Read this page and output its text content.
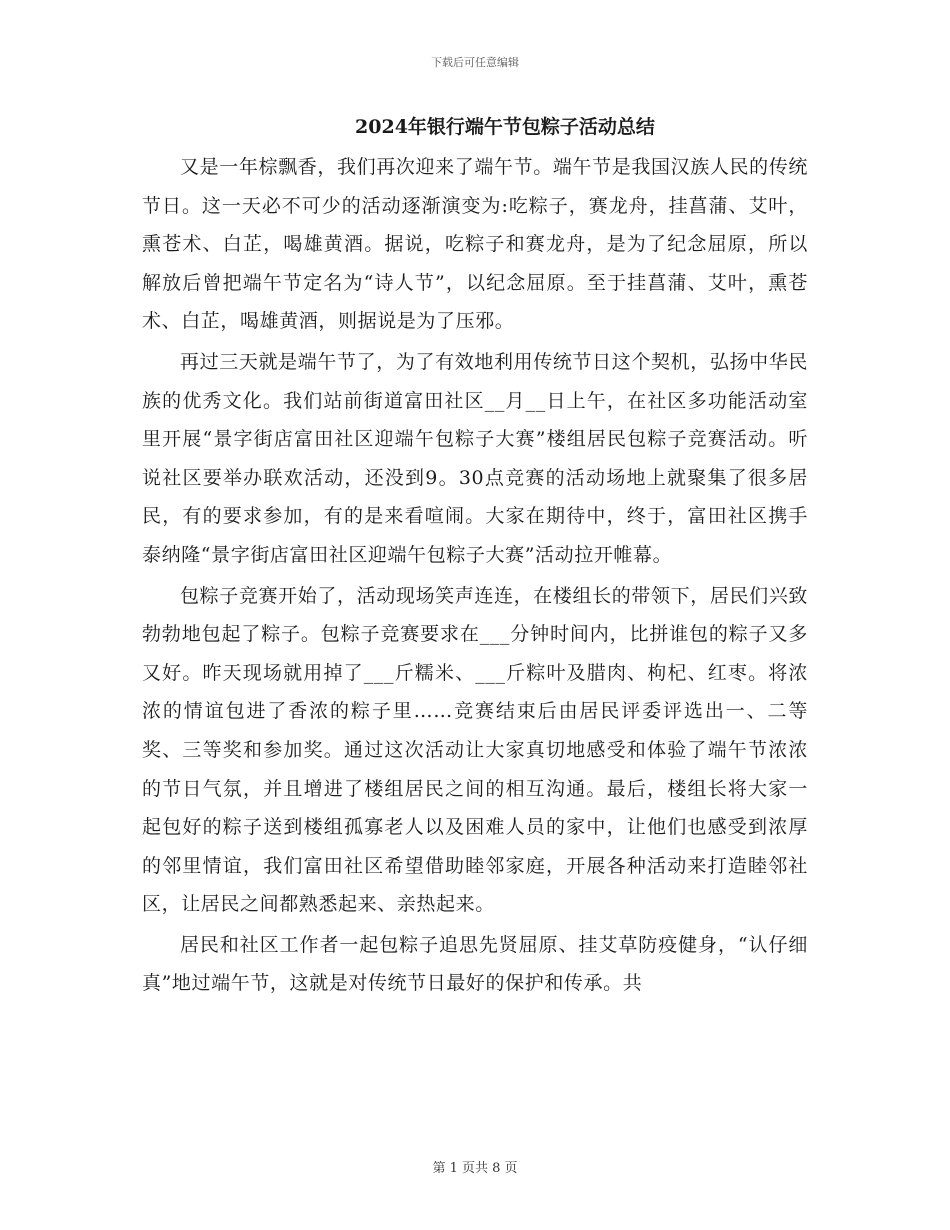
下载后可任意编辑
2024年银行端午节包粽子活动总结

又是一年棕飘香，我们再次迎来了端午节。端午节是我国汉族人民的传统节日。这一天必不可少的活动逐渐演变为:吃粽子，赛龙舟，挂菖蒲、艾叶，熏苍术、白芷，喝雄黄酒。据说，吃粽子和赛龙舟，是为了纪念屈原，所以解放后曾把端午节定名为“诗人节”，以纪念屈原。至于挂菖蒲、艾叶，熏苍术、白芷，喝雄黄酒，则据说是为了压邪。

再过三天就是端午节了，为了有效地利用传统节日这个契机，弘扬中华民族的优秀文化。我们站前街道富田社区__月__日上午，在社区多功能活动室里开展“景字街店富田社区迎端午包粽子大赛”楼组居民包粽子竞赛活动。听说社区要举办联欢活动，还没到9。30点竞赛的活动场地上就聚集了很多居民，有的要求参加，有的是来看喧闹。大家在期待中，终于，富田社区携手泰纳隆“景字街店富田社区迎端午包粽子大赛”活动拉开帷幕。

包粽子竞赛开始了，活动现场笑声连连，在楼组长的带领下，居民们兴致勃勃地包起了粽子。包粽子竞赛要求在___分钟时间内，比拼谁包的粽子又多又好。昨天现场就用掉了___斤糯米、___斤粽叶及腊肉、枸杞、红枣。将浓浓的情谊包进了香浓的粽子里……竞赛结束后由居民评委评选出一、二等奖、三等奖和参加奖。通过这次活动让大家真切地感受和体验了端午节浓浓的节日气氛，并且增进了楼组居民之间的相互沟通。最后，楼组长将大家一起包好的粽子送到楼组孤寡老人以及困难人员的家中，让他们也感受到浓厚的邻里情谊，我们富田社区希望借助睦邻家庭，开展各种活动来打造睦邻社区，让居民之间都熟悉起来、亲热起来。

居民和社区工作者一起包粽子追思先贤屈原、挂艾草防疫健身，“认仔细真”地过端午节，这就是对传统节日最好的保护和传承。共

第 1 页共 8 页
